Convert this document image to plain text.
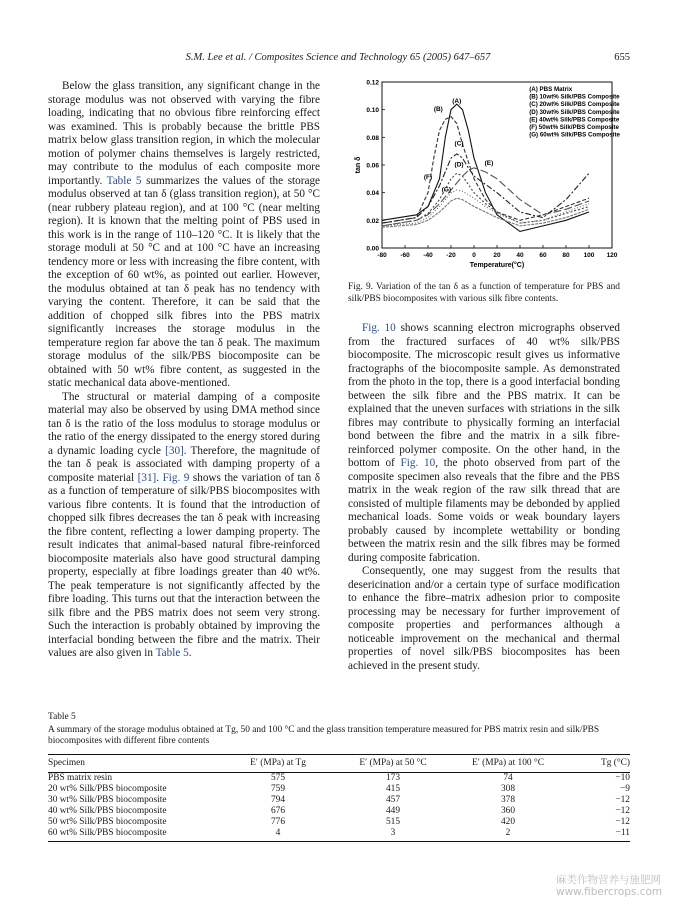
S.M. Lee et al. / Composites Science and Technology 65 (2005) 647–657	655

Below the glass transition, any significant change in the storage modulus was not observed with varying the fibre loading, indicating that no obvious fibre reinforcing effect was examined. This is probably because the brittle PBS matrix below glass transition region, in which the molecular motion of polymer chains themselves is largely restricted, may contribute to the modulus of each composite more importantly. Table 5 summarizes the values of the storage modulus observed at tan δ (glass transition region), at 50 °C (near rubbery plateau region), and at 100 °C (near melting region). It is known that the melting point of PBS used in this work is in the range of 110–120 °C. It is likely that the storage moduli at 50 °C and at 100 °C have an increasing tendency more or less with increasing the fibre content, with the exception of 60 wt%, as pointed out earlier. However, the modulus obtained at tan δ peak has no tendency with varying the content. Therefore, it can be said that the addition of chopped silk fibres into the PBS matrix significantly increases the storage modulus in the temperature region far above the tan δ peak. The maximum storage modulus of the silk/PBS biocomposite can be obtained with 50 wt% fibre content, as suggested in the static mechanical data above-mentioned.

The structural or material damping of a composite material may also be observed by using DMA method since tan δ is the ratio of the loss modulus to storage modulus or the ratio of the energy dissipated to the energy stored during a dynamic loading cycle [30]. Therefore, the magnitude of the tan δ peak is associated with damping property of a composite material [31]. Fig. 9 shows the variation of tan δ as a function of temperature of silk/PBS biocomposites with various fibre contents. It is found that the introduction of chopped silk fibres decreases the tan δ peak with increasing the fibre content, reflecting a lower damping property. The result indicates that animal-based natural fibre-reinforced biocomposite materials also have good structural damping property, especially at fibre loadings greater than 40 wt%. The peak temperature is not significantly affected by the fibre loading. This turns out that the interaction between the silk fibre and the PBS matrix does not seem very strong. Such the interaction is probably obtained by improving the interfacial bonding between the fibre and the matrix. Their values are also given in Table 5.

-80 -60 -40 -20	0	20 40 60 80 100 120
0.00
0.02
0.04
0.06
0.08
0.10
0.12
Temperature(°C)
tan δ
(A)
(B)
(C)
(D)	(E)
(F)
(G)
(A) PBS Matrix
(B) 10wt% Silk/PBS Composite
(C) 20wt% Silk/PBS Composite
(D) 30wt% Silk/PBS Composite
(E) 40wt% Silk/PBS Composite
(F) 50wt% Silk/PBS Composite
(G) 60wt% Silk/PBS Composite
Fig. 9. Variation of the tan δ as a function of temperature for PBS and silk/PBS biocomposites with various silk fibre contents.

Fig. 10 shows scanning electron micrographs observed from the fractured surfaces of 40 wt% silk/PBS biocomposite. The microscopic result gives us informative fractographs of the biocomposite sample. As demonstrated from the photo in the top, there is a good interfacial bonding between the silk fibre and the PBS matrix. It can be explained that the uneven surfaces with striations in the silk fibres may contribute to physically forming an interfacial bond between the fibre and the matrix in a silk fibre-reinforced polymer composite. On the other hand, in the bottom of Fig. 10, the photo observed from part of the composite specimen also reveals that the fibre and the PBS matrix in the weak region of the raw silk thread that are consisted of multiple filaments may be debonded by applied mechanical loads. Some voids or weak boundary layers probably caused by incomplete wettability or bonding between the matrix resin and the silk fibres may be formed during composite fabrication.

Consequently, one may suggest from the results that desericination and/or a certain type of surface modification to enhance the fibre–matrix adhesion prior to composite processing may be necessary for further improvement of composite properties and performances although a noticeable improvement on the mechanical and thermal properties of novel silk/PBS biocomposites has been achieved in the present study.

Table 5
A summary of the storage modulus obtained at Tg, 50 and 100 °C and the glass transition temperature measured for PBS matrix resin and silk/PBS biocomposites with different fibre contents
Specimen	E′ (MPa) at Tg	E′ (MPa) at 50 °C	E′ (MPa) at 100 °C	Tg (°C)
PBS matrix resin	575	173	74	−10
20 wt% Silk/PBS biocomposite	759	415	308	−9
30 wt% Silk/PBS biocomposite	794	457	378	−12
40 wt% Silk/PBS biocomposite	676	449	360	−12
50 wt% Silk/PBS biocomposite	776	515	420	−12
60 wt% Silk/PBS biocomposite	4	3	2	−11
麻类作物营养与施肥网
www.fibercrops.com
